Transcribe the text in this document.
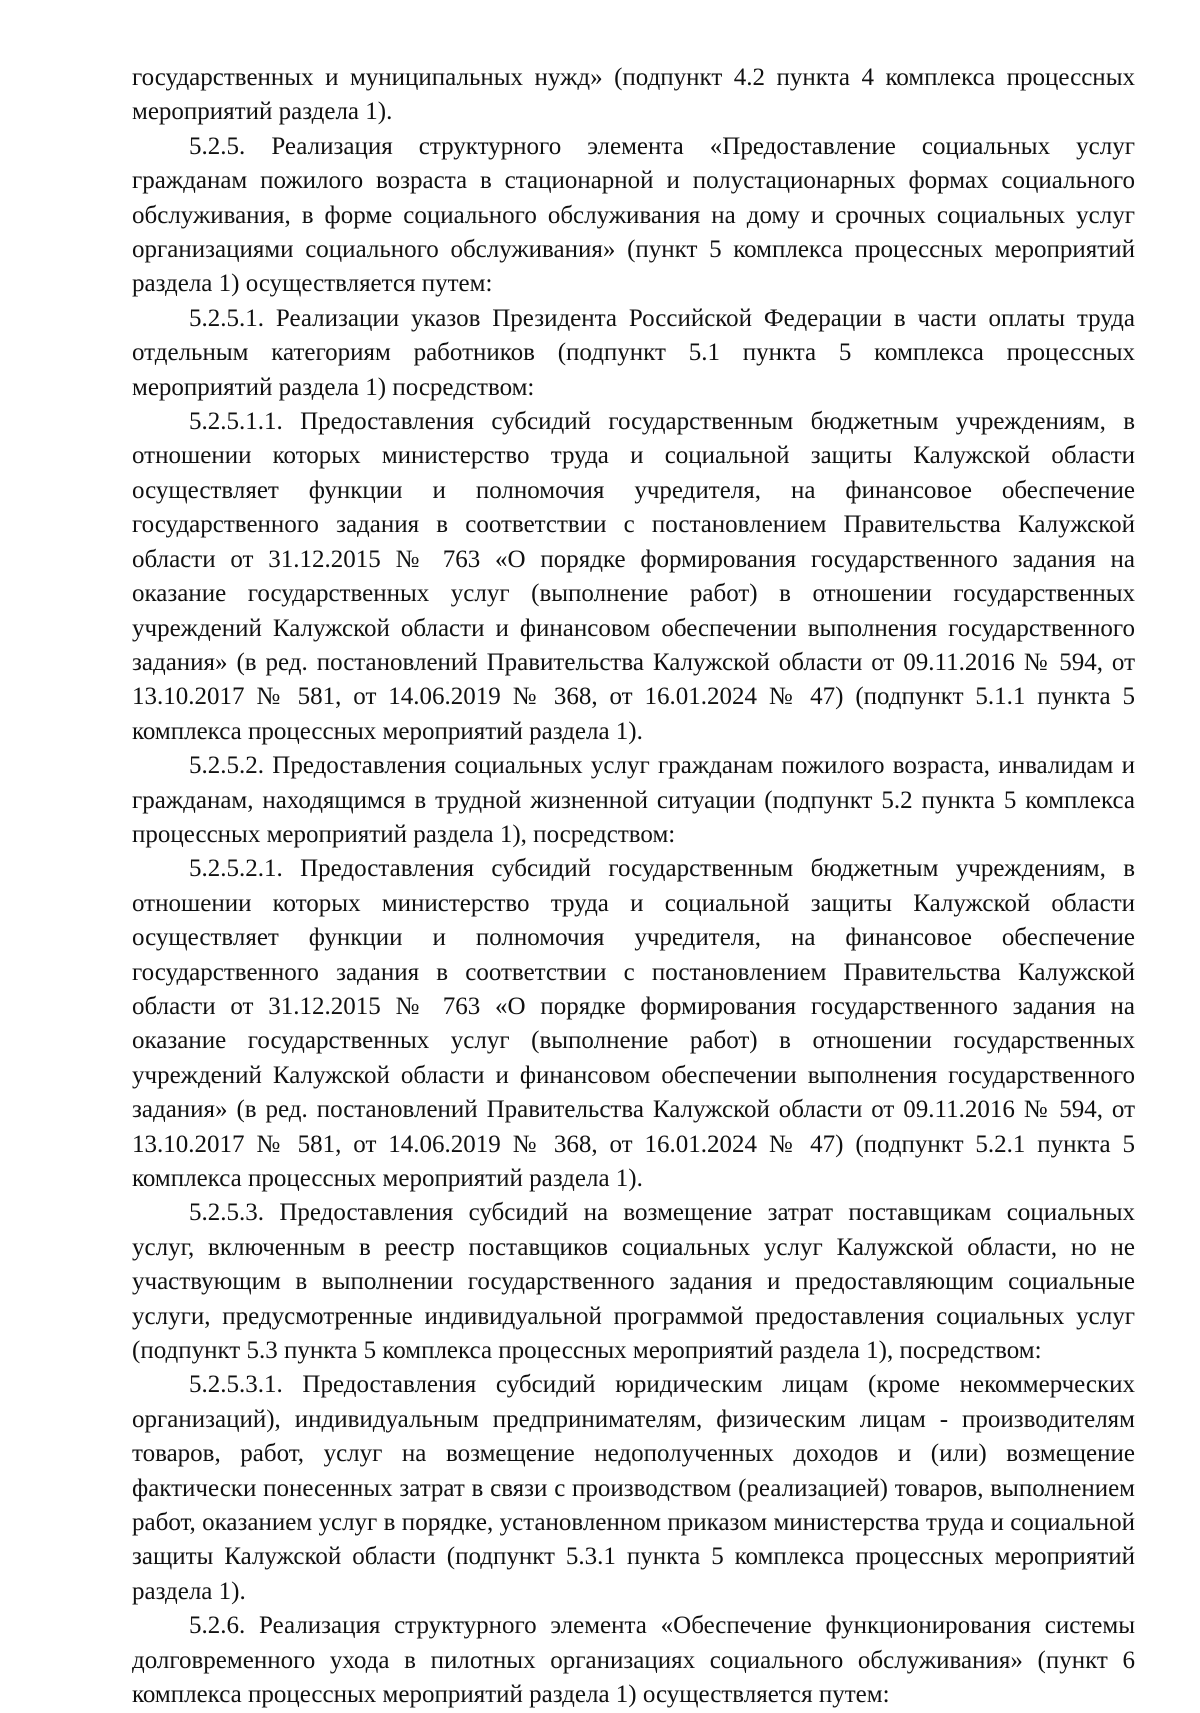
государственных и муниципальных нужд» (подпункт 4.2 пункта 4 комплекса процессных мероприятий раздела 1).

5.2.5. Реализация структурного элемента «Предоставление социальных услуг гражданам пожилого возраста в стационарной и полустационарных формах социального обслуживания, в форме социального обслуживания на дому и срочных социальных услуг организациями социального обслуживания» (пункт 5 комплекса процессных мероприятий раздела 1) осуществляется путем:

5.2.5.1. Реализации указов Президента Российской Федерации в части оплаты труда отдельным категориям работников (подпункт 5.1 пункта 5 комплекса процессных мероприятий раздела 1) посредством:

5.2.5.1.1. Предоставления субсидий государственным бюджетным учреждениям, в отношении которых министерство труда и социальной защиты Калужской области осуществляет функции и полномочия учредителя, на финансовое обеспечение государственного задания в соответствии с постановлением Правительства Калужской области от 31.12.2015 № 763 «О порядке формирования государственного задания на оказание государственных услуг (выполнение работ) в отношении государственных учреждений Калужской области и финансовом обеспечении выполнения государственного задания» (в ред. постановлений Правительства Калужской области от 09.11.2016 № 594, от 13.10.2017 № 581, от 14.06.2019 № 368, от 16.01.2024 № 47) (подпункт 5.1.1 пункта 5 комплекса процессных мероприятий раздела 1).

5.2.5.2. Предоставления социальных услуг гражданам пожилого возраста, инвалидам и гражданам, находящимся в трудной жизненной ситуации (подпункт 5.2 пункта 5 комплекса процессных мероприятий раздела 1), посредством:

5.2.5.2.1. Предоставления субсидий государственным бюджетным учреждениям, в отношении которых министерство труда и социальной защиты Калужской области осуществляет функции и полномочия учредителя, на финансовое обеспечение государственного задания в соответствии с постановлением Правительства Калужской области от 31.12.2015 № 763 «О порядке формирования государственного задания на оказание государственных услуг (выполнение работ) в отношении государственных учреждений Калужской области и финансовом обеспечении выполнения государственного задания» (в ред. постановлений Правительства Калужской области от 09.11.2016 № 594, от 13.10.2017 № 581, от 14.06.2019 № 368, от 16.01.2024 № 47) (подпункт 5.2.1 пункта 5 комплекса процессных мероприятий раздела 1).

5.2.5.3. Предоставления субсидий на возмещение затрат поставщикам социальных услуг, включенным в реестр поставщиков социальных услуг Калужской области, но не участвующим в выполнении государственного задания и предоставляющим социальные услуги, предусмотренные индивидуальной программой предоставления социальных услуг (подпункт 5.3 пункта 5 комплекса процессных мероприятий раздела 1), посредством:

5.2.5.3.1. Предоставления субсидий юридическим лицам (кроме некоммерческих организаций), индивидуальным предпринимателям, физическим лицам - производителям товаров, работ, услуг на возмещение недополученных доходов и (или) возмещение фактически понесенных затрат в связи с производством (реализацией) товаров, выполнением работ, оказанием услуг в порядке, установленном приказом министерства труда и социальной защиты Калужской области (подпункт 5.3.1 пункта 5 комплекса процессных мероприятий раздела 1).

5.2.6. Реализация структурного элемента «Обеспечение функционирования системы долговременного ухода в пилотных организациях социального обслуживания» (пункт 6 комплекса процессных мероприятий раздела 1) осуществляется путем:
